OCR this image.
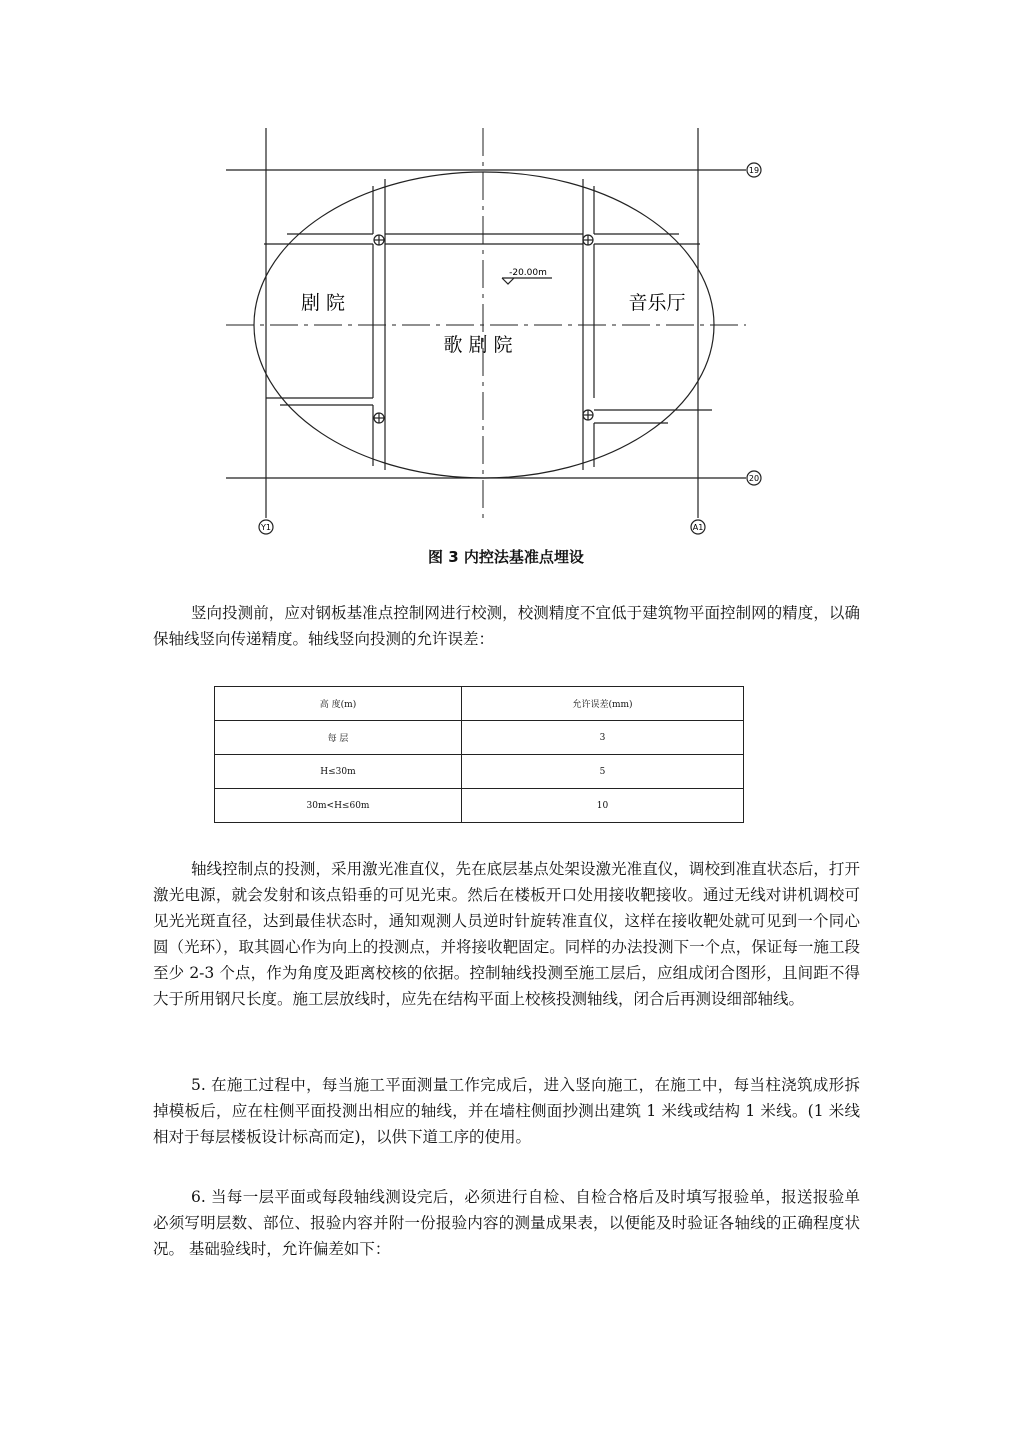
19
20
Y1	A1
-20.00m
剧 院	音乐厅
歌 剧 院
图 3 内控法基准点埋设

竖向投测前，应对钢板基准点控制网进行校测，校测精度不宜低于建筑物平面控制网的精度，以确保轴线竖向传递精度。轴线竖向投测的允许误差：

高 度(m)	允许误差(mm)
每 层	3
H≤30m	5
30m<H≤60m	10

轴线控制点的投测，采用激光准直仪，先在底层基点处架设激光准直仪，调校到准直状态后，打开激光电源，就会发射和该点铅垂的可见光束。然后在楼板开口处用接收靶接收。通过无线对讲机调校可见光光斑直径，达到最佳状态时，通知观测人员逆时针旋转准直仪，这样在接收靶处就可见到一个同心圆（光环），取其圆心作为向上的投测点，并将接收靶固定。同样的办法投测下一个点，保证每一施工段至少 2-3 个点，作为角度及距离校核的依据。控制轴线投测至施工层后，应组成闭合图形，且间距不得大于所用钢尺长度。施工层放线时，应先在结构平面上校核投测轴线，闭合后再测设细部轴线。

5. 在施工过程中，每当施工平面测量工作完成后，进入竖向施工，在施工中，每当柱浇筑成形拆掉模板后，应在柱侧平面投测出相应的轴线，并在墙柱侧面抄测出建筑 1 米线或结构 1 米线。(1 米线相对于每层楼板设计标高而定)，以供下道工序的使用。

6. 当每一层平面或每段轴线测设完后，必须进行自检、自检合格后及时填写报验单，报送报验单必须写明层数、部位、报验内容并附一份报验内容的测量成果表，以便能及时验证各轴线的正确程度状况。 基础验线时，允许偏差如下：
